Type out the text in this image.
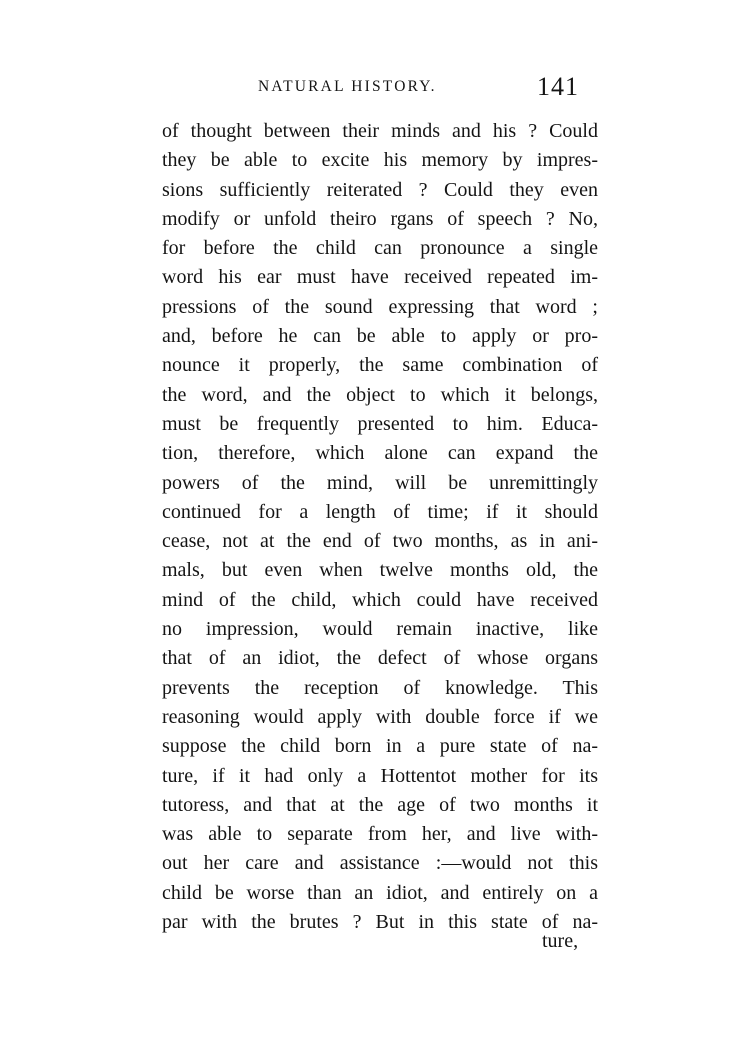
NATURAL HISTORY.	141
of thought between their minds and his ? Could
they be able to excite his memory by impres-
sions sufficiently reiterated ? Could they even
modify or unfold theiro rgans of speech ? No,
for before the child can pronounce a single
word his ear must have received repeated im-
pressions of the sound expressing that word ;
and, before he can be able to apply or pro-
nounce it properly, the same combination of
the word, and the object to which it belongs,
must be frequently presented to him. Educa-
tion, therefore, which alone can expand the
powers of the mind, will be unremittingly
continued for a length of time; if it should
cease, not at the end of two months, as in ani-
mals, but even when twelve months old, the
mind of the child, which could have received
no impression, would remain inactive, like
that of an idiot, the defect of whose organs
prevents the reception of knowledge. This
reasoning would apply with double force if we
suppose the child born in a pure state of na-
ture, if it had only a Hottentot mother for its
tutoress, and that at the age of two months it
was able to separate from her, and live with-
out her care and assistance :—would not this
child be worse than an idiot, and entirely on a
par with the brutes ? But in this state of na-
ture,
